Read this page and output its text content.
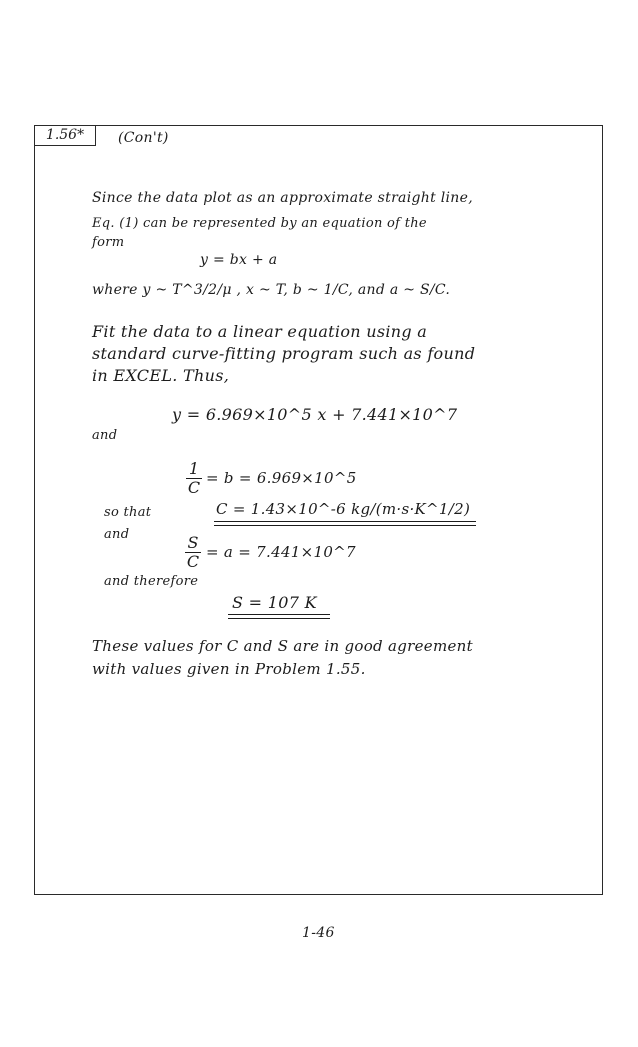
1.56*	(Con't)
Since the data plot as an approximate straight line,
Eq. (1) can be represented by an equation of the
form
y = bx + a
where y ~ T^3/2/μ , x ~ T, b ~ 1/C, and a ~ S/C.
Fit the data to a linear equation using a
standard curve-fitting program such as found
in EXCEL. Thus,
y = 6.969×10^5 x + 7.441×10^7
and
$\frac{1}{C} = b$ = 6.969×10^5
so that	C = 1.43×10^-6 kg/(m·s·K^1/2)
and	$\frac{S}{C} = a$ = 7.441×10^7
and therefore
S = 107 K
These values for C and S are in good agreement
with values given in Problem 1.55.
1-46
